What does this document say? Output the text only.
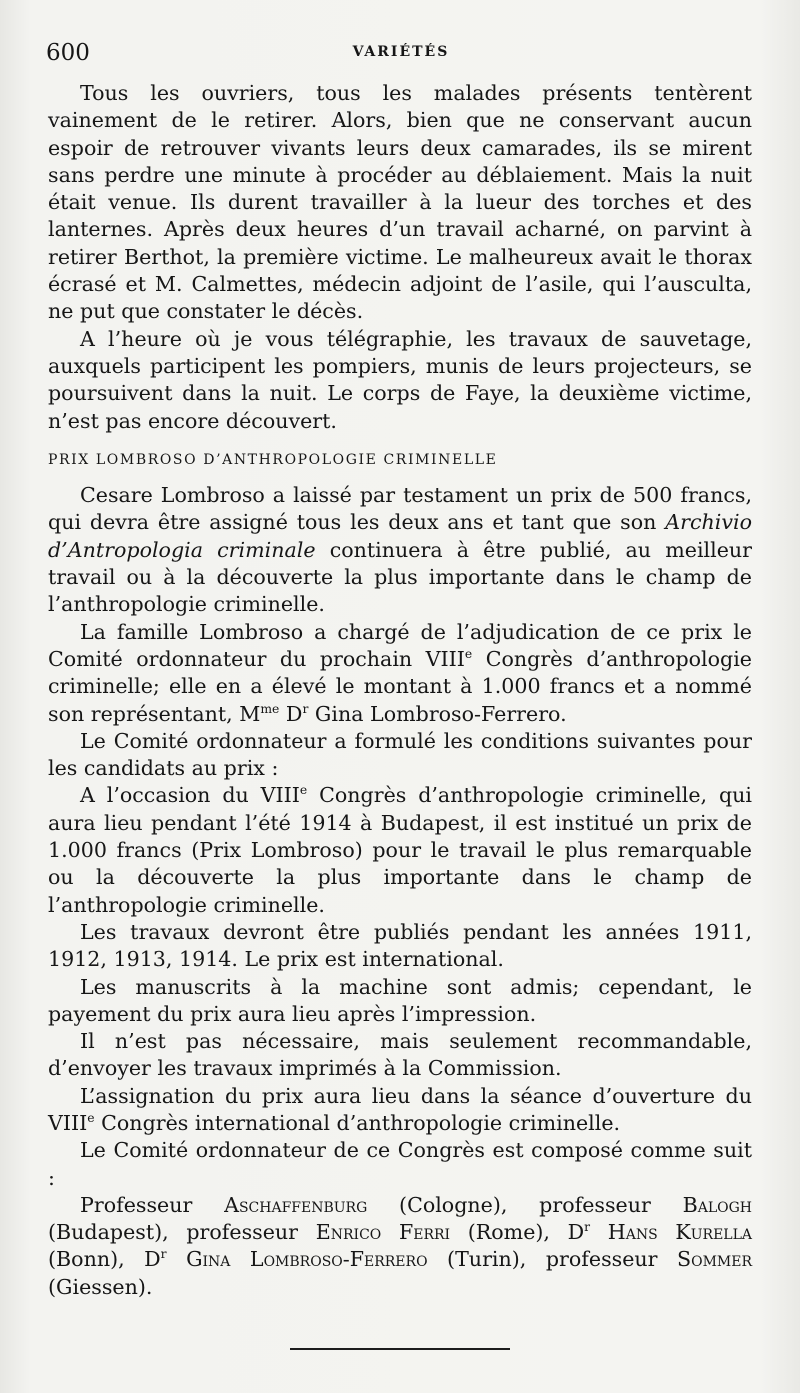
600	VARIÉTÉS

Tous les ouvriers, tous les malades présents tentèrent vainement de le retirer. Alors, bien que ne conservant aucun espoir de retrouver vivants leurs deux camarades, ils se mirent sans perdre une minute à procéder au déblaiement. Mais la nuit était venue. Ils durent travailler à la lueur des torches et des lanternes. Après deux heures d’un travail acharné, on parvint à retirer Berthot, la première victime. Le malheureux avait le thorax écrasé et M. Calmettes, médecin adjoint de l’asile, qui l’ausculta, ne put que constater le décès.

A l’heure où je vous télégraphie, les travaux de sauvetage, auxquels participent les pompiers, munis de leurs projecteurs, se poursuivent dans la nuit. Le corps de Faye, la deuxième victime, n’est pas encore découvert.

PRIX LOMBROSO D’ANTHROPOLOGIE CRIMINELLE

Cesare Lombroso a laissé par testament un prix de 500 francs, qui devra être assigné tous les deux ans et tant que son Archivio d’Antropologia criminale continuera à être publié, au meilleur travail ou à la découverte la plus importante dans le champ de l’anthropologie criminelle.

La famille Lombroso a chargé de l’adjudication de ce prix le Comité ordonnateur du prochain VIIIe Congrès d’anthropologie criminelle; elle en a élevé le montant à 1.000 francs et a nommé son représentant, $M^{me}$ $D^r$ Gina Lombroso-Ferrero.

Le Comité ordonnateur a formulé les conditions suivantes pour les candidats au prix :

A l’occasion du VIIIe Congrès d’anthropologie criminelle, qui aura lieu pendant l’été 1914 à Budapest, il est institué un prix de 1.000 francs (Prix Lombroso) pour le travail le plus remarquable ou la découverte la plus importante dans le champ de l’anthropologie criminelle.

Les travaux devront être publiés pendant les années 1911, 1912, 1913, 1914. Le prix est international.

Les manuscrits à la machine sont admis; cependant, le payement du prix aura lieu après l’impression.

Il n’est pas nécessaire, mais seulement recommandable, d’envoyer les travaux imprimés à la Commission.

L’assignation du prix aura lieu dans la séance d’ouverture du VIIIe Congrès international d’anthropologie criminelle.

Le Comité ordonnateur de ce Congrès est composé comme suit :

Professeur Aschaffenburg (Cologne), professeur Balogh (Budapest), professeur Enrico Ferri (Rome), $D^r$ Hans Kurella (Bonn), $D^r$ Gina Lombroso-Ferrero (Turin), professeur Sommer (Giessen).
